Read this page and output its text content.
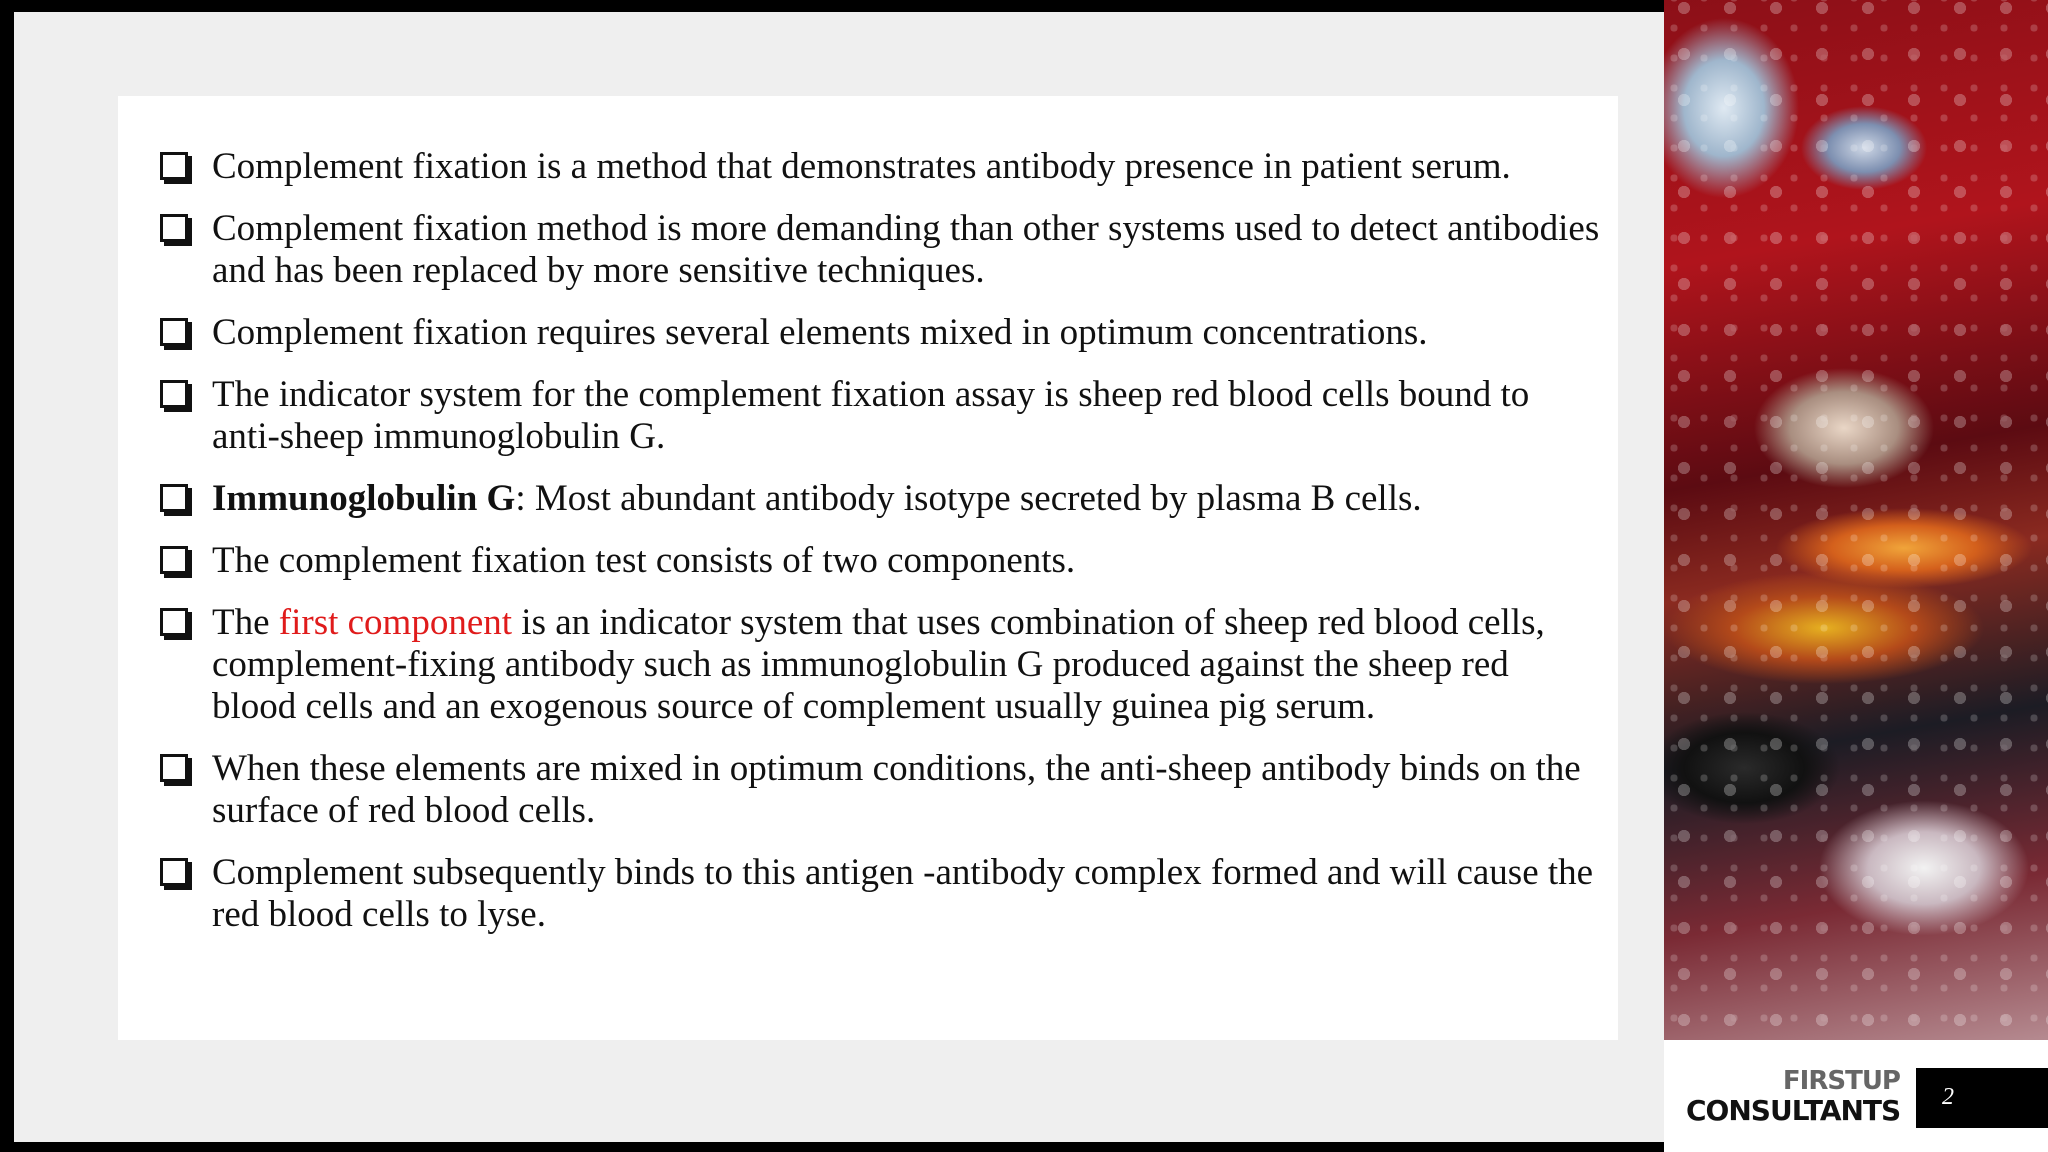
Complement fixation is a method that demonstrates antibody presence in patient serum.
Complement fixation method is more demanding than other systems used to detect antibodies and has been replaced by more sensitive techniques.
Complement fixation requires several elements mixed in optimum concentrations.
The indicator system for the complement fixation assay is sheep red blood cells bound to anti-sheep immunoglobulin G.
Immunoglobulin G: Most abundant antibody isotype secreted by plasma B cells.
The complement fixation test consists of two components.
The first component is an indicator system that uses combination of sheep red blood cells, complement-fixing antibody such as immunoglobulin G produced against the sheep red blood cells and an exogenous source of complement usually guinea pig serum.
When these elements are mixed in optimum conditions, the anti-sheep antibody binds on the surface of red blood cells.
Complement subsequently binds to this antigen -antibody complex formed and will cause the red blood cells to lyse.
FIRSTUP
CONSULTANTS 2
